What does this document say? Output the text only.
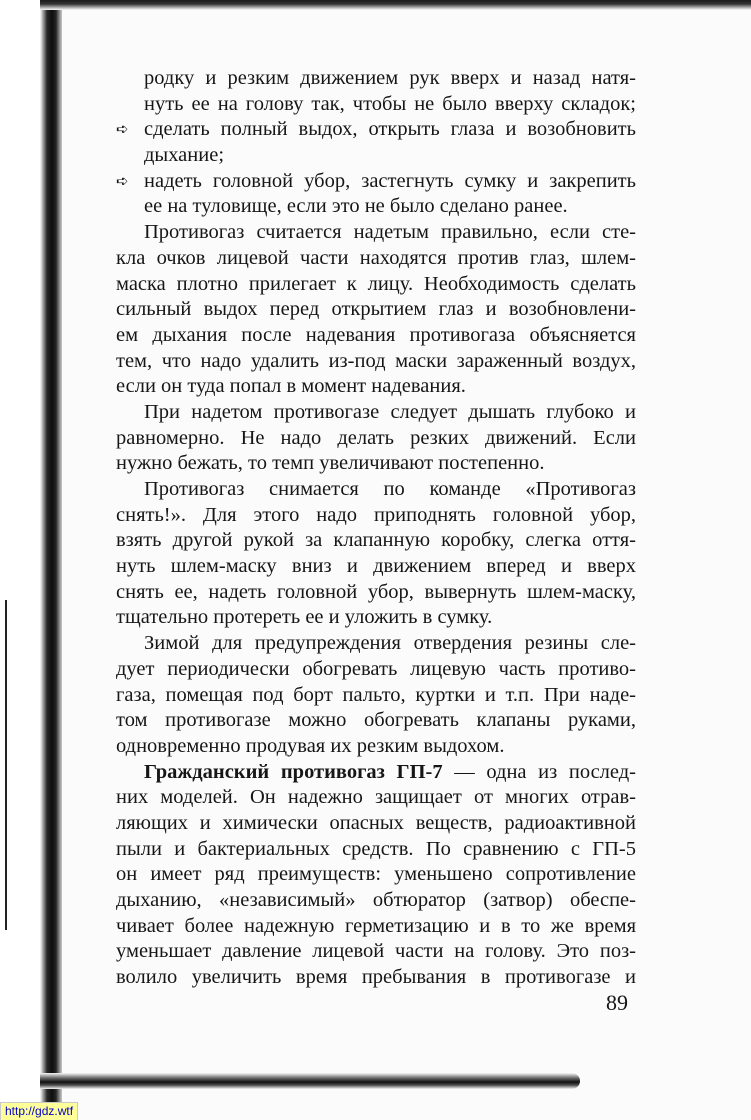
родку и резким движением рук вверх и назад натя-
нуть ее на голову так, чтобы не было вверху складок;
➪ сделать полный выдох, открыть глаза и возобновить
дыхание;
➪ надеть головной убор, застегнуть сумку и закрепить
ее на туловище, если это не было сделано ранее.
Противогаз считается надетым правильно, если сте-
кла очков лицевой части находятся против глаз, шлем-
маска плотно прилегает к лицу. Необходимость сделать
сильный выдох перед открытием глаз и возобновлени-
ем дыхания после надевания противогаза объясняется
тем, что надо удалить из-под маски зараженный воздух,
если он туда попал в момент надевания.
При надетом противогазе следует дышать глубоко и
равномерно. Не надо делать резких движений. Если
нужно бежать, то темп увеличивают постепенно.
Противогаз снимается по команде «Противогаз
снять!». Для этого надо приподнять головной убор,
взять другой рукой за клапанную коробку, слегка оття-
нуть шлем-маску вниз и движением вперед и вверх
снять ее, надеть головной убор, вывернуть шлем-маску,
тщательно протереть ее и уложить в сумку.
Зимой для предупреждения отвердения резины сле-
дует периодически обогревать лицевую часть противо-
газа, помещая под борт пальто, куртки и т.п. При наде-
том противогазе можно обогревать клапаны руками,
одновременно продувая их резким выдохом.
Гражданский противогаз ГП-7 — одна из послед-
них моделей. Он надежно защищает от многих отрав-
ляющих и химически опасных веществ, радиоактивной
пыли и бактериальных средств. По сравнению с ГП-5
он имеет ряд преимуществ: уменьшено сопротивление
дыханию, «независимый» обтюратор (затвор) обеспе-
чивает более надежную герметизацию и в то же время
уменьшает давление лицевой части на голову. Это поз-
волило увеличить время пребывания в противогазе и
89
http://gdz.wtf
